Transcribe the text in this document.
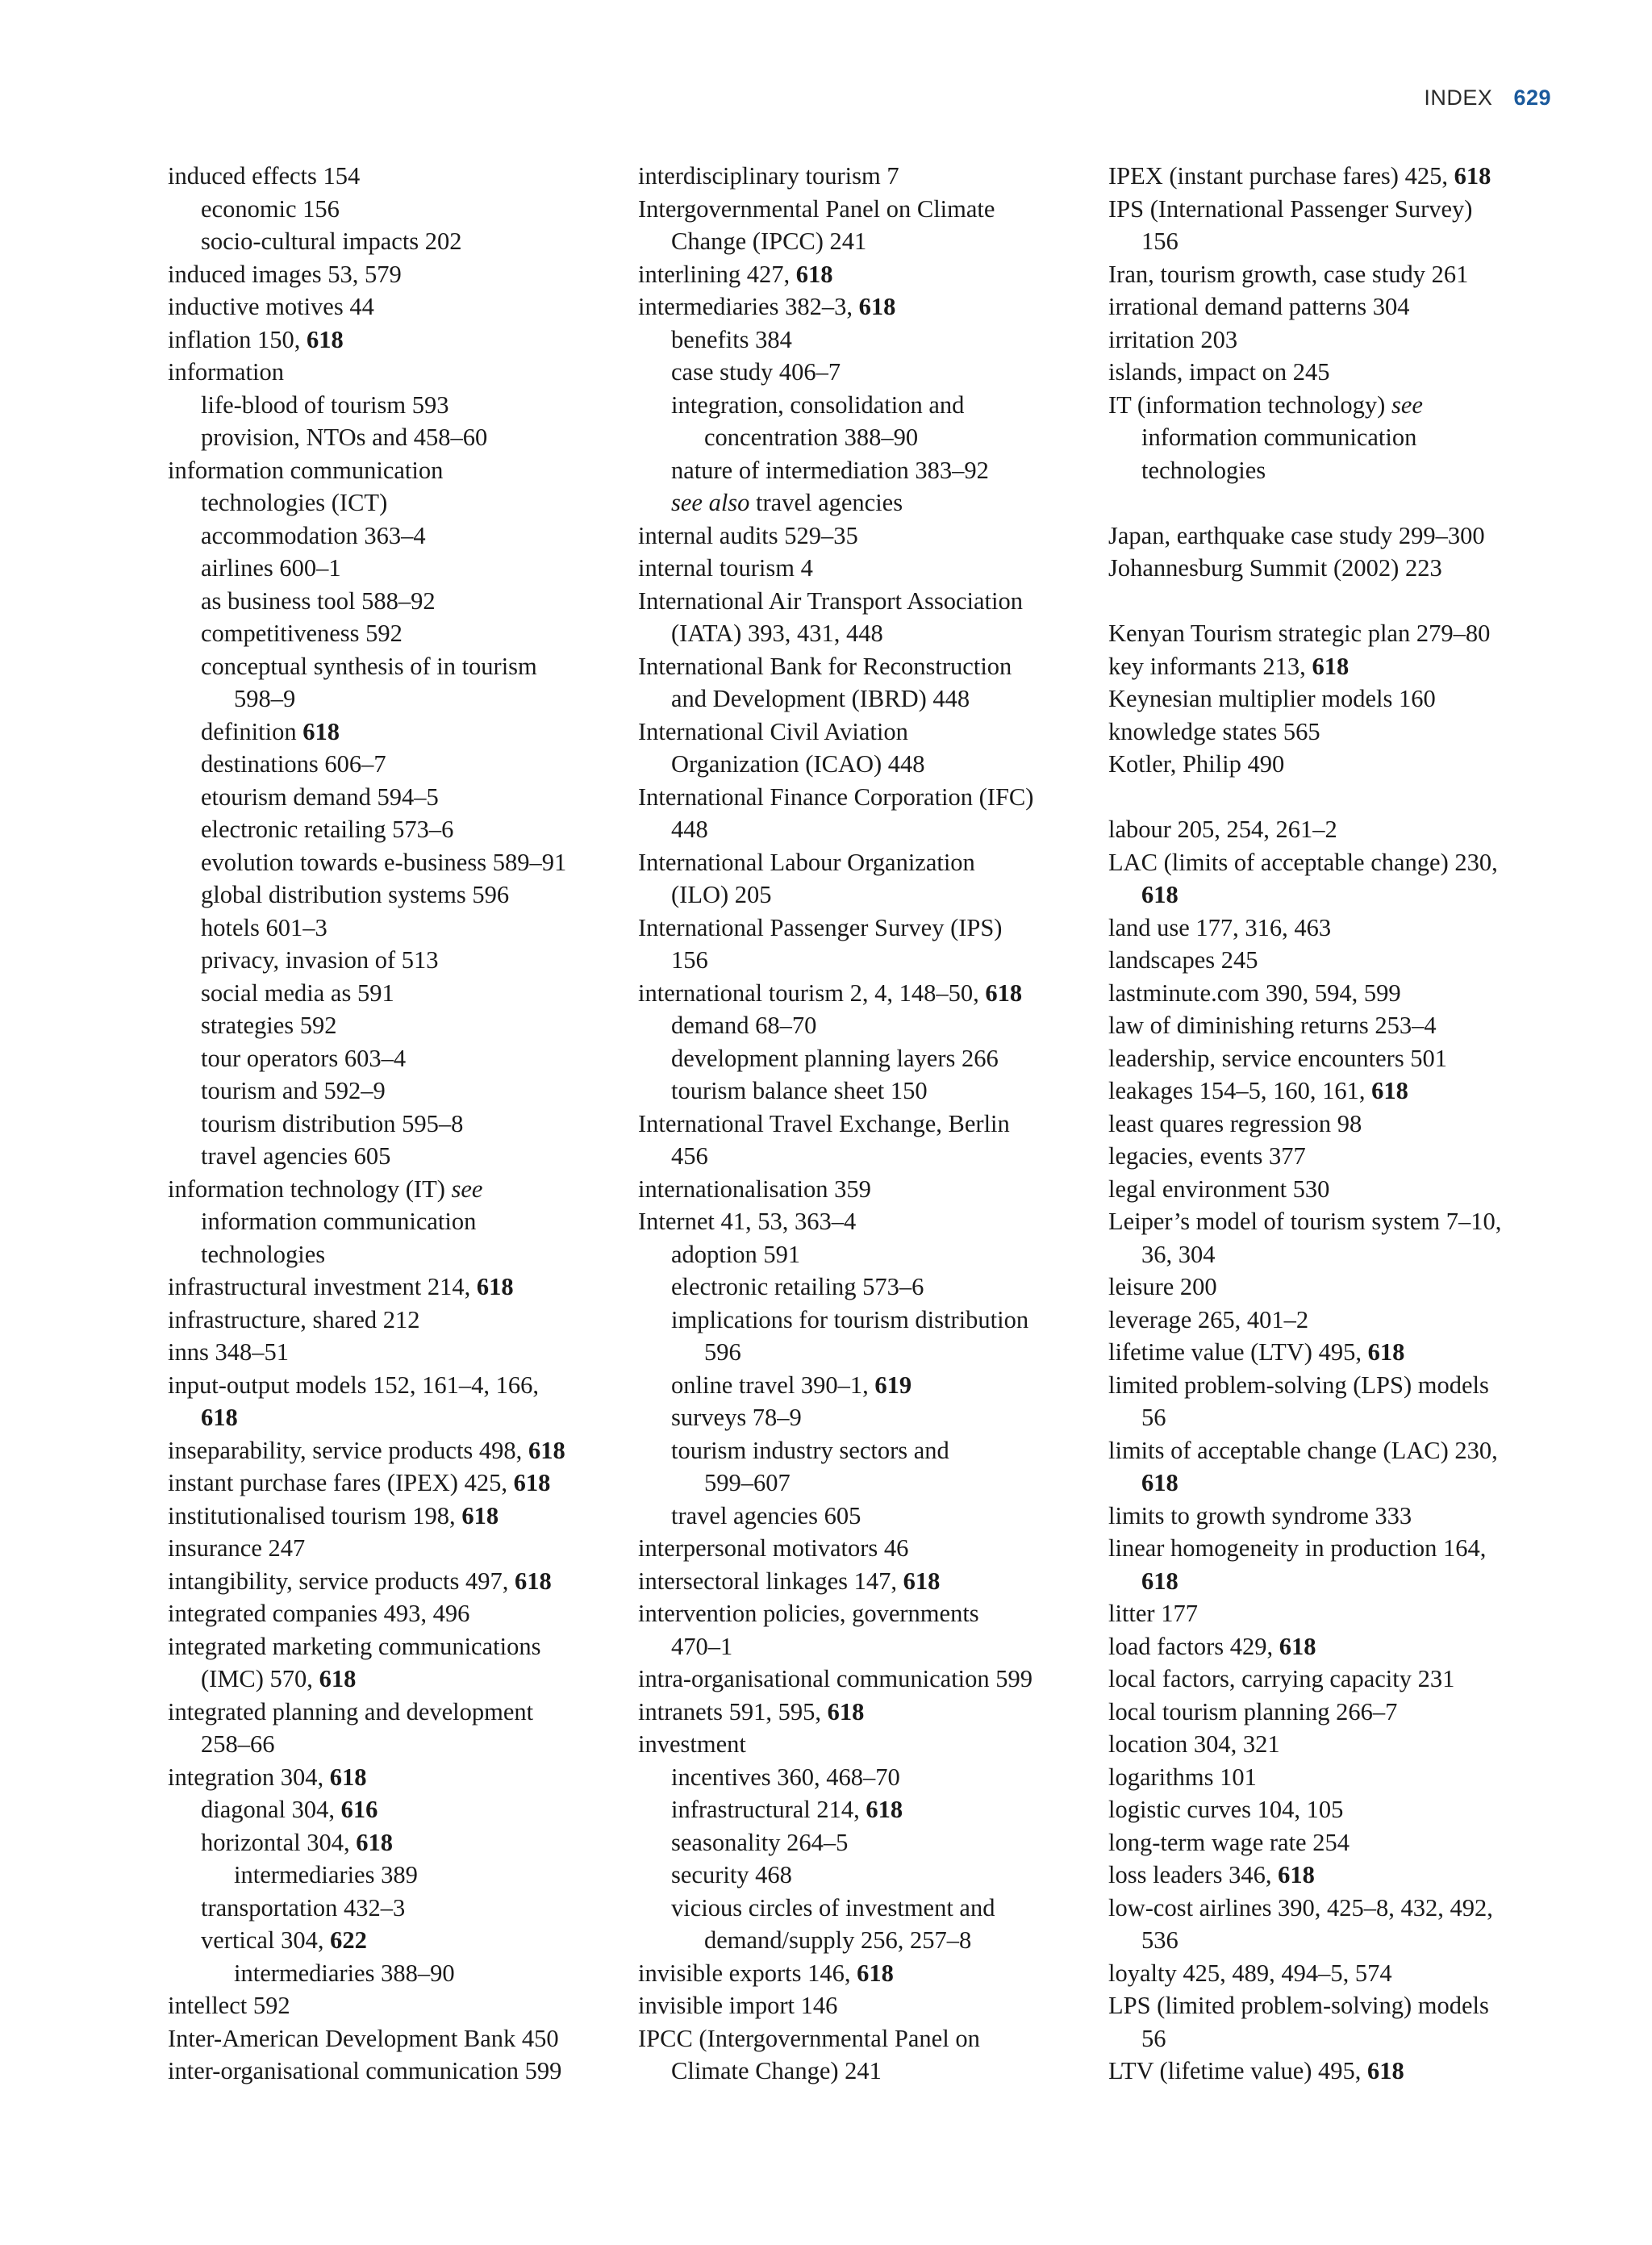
INDEX 629
induced effects 154
economic 156
socio-cultural impacts 202
induced images 53, 579
inductive motives 44
inflation 150, 618
information
life-blood of tourism 593
provision, NTOs and 458–60
information communication
technologies (ICT)
accommodation 363–4
airlines 600–1
as business tool 588–92
competitiveness 592
conceptual synthesis of in tourism
598–9
definition 618
destinations 606–7
etourism demand 594–5
electronic retailing 573–6
evolution towards e-business 589–91
global distribution systems 596
hotels 601–3
privacy, invasion of 513
social media as 591
strategies 592
tour operators 603–4
tourism and 592–9
tourism distribution 595–8
travel agencies 605
information technology (IT) see
information communication
technologies
infrastructural investment 214, 618
infrastructure, shared 212
inns 348–51
input-output models 152, 161–4, 166,
618
inseparability, service products 498, 618
instant purchase fares (IPEX) 425, 618
institutionalised tourism 198, 618
insurance 247
intangibility, service products 497, 618
integrated companies 493, 496
integrated marketing communications
(IMC) 570, 618
integrated planning and development
258–66
integration 304, 618
diagonal 304, 616
horizontal 304, 618
intermediaries 389
transportation 432–3
vertical 304, 622
intermediaries 388–90
intellect 592
Inter-American Development Bank 450
inter-organisational communication 599
interdisciplinary tourism 7
Intergovernmental Panel on Climate
Change (IPCC) 241
interlining 427, 618
intermediaries 382–3, 618
benefits 384
case study 406–7
integration, consolidation and
concentration 388–90
nature of intermediation 383–92
see also travel agencies
internal audits 529–35
internal tourism 4
International Air Transport Association
(IATA) 393, 431, 448
International Bank for Reconstruction
and Development (IBRD) 448
International Civil Aviation
Organization (ICAO) 448
International Finance Corporation (IFC)
448
International Labour Organization
(ILO) 205
International Passenger Survey (IPS)
156
international tourism 2, 4, 148–50, 618
demand 68–70
development planning layers 266
tourism balance sheet 150
International Travel Exchange, Berlin
456
internationalisation 359
Internet 41, 53, 363–4
adoption 591
electronic retailing 573–6
implications for tourism distribution
596
online travel 390–1, 619
surveys 78–9
tourism industry sectors and
599–607
travel agencies 605
interpersonal motivators 46
intersectoral linkages 147, 618
intervention policies, governments
470–1
intra-organisational communication 599
intranets 591, 595, 618
investment
incentives 360, 468–70
infrastructural 214, 618
seasonality 264–5
security 468
vicious circles of investment and
demand/supply 256, 257–8
invisible exports 146, 618
invisible import 146
IPCC (Intergovernmental Panel on
Climate Change) 241
IPEX (instant purchase fares) 425, 618
IPS (International Passenger Survey)
156
Iran, tourism growth, case study 261
irrational demand patterns 304
irritation 203
islands, impact on 245
IT (information technology) see
information communication
technologies
Japan, earthquake case study 299–300
Johannesburg Summit (2002) 223
Kenyan Tourism strategic plan 279–80
key informants 213, 618
Keynesian multiplier models 160
knowledge states 565
Kotler, Philip 490
labour 205, 254, 261–2
LAC (limits of acceptable change) 230,
618
land use 177, 316, 463
landscapes 245
lastminute.com 390, 594, 599
law of diminishing returns 253–4
leadership, service encounters 501
leakages 154–5, 160, 161, 618
least quares regression 98
legacies, events 377
legal environment 530
Leiper’s model of tourism system 7–10,
36, 304
leisure 200
leverage 265, 401–2
lifetime value (LTV) 495, 618
limited problem-solving (LPS) models
56
limits of acceptable change (LAC) 230,
618
limits to growth syndrome 333
linear homogeneity in production 164,
618
litter 177
load factors 429, 618
local factors, carrying capacity 231
local tourism planning 266–7
location 304, 321
logarithms 101
logistic curves 104, 105
long-term wage rate 254
loss leaders 346, 618
low-cost airlines 390, 425–8, 432, 492,
536
loyalty 425, 489, 494–5, 574
LPS (limited problem-solving) models
56
LTV (lifetime value) 495, 618
